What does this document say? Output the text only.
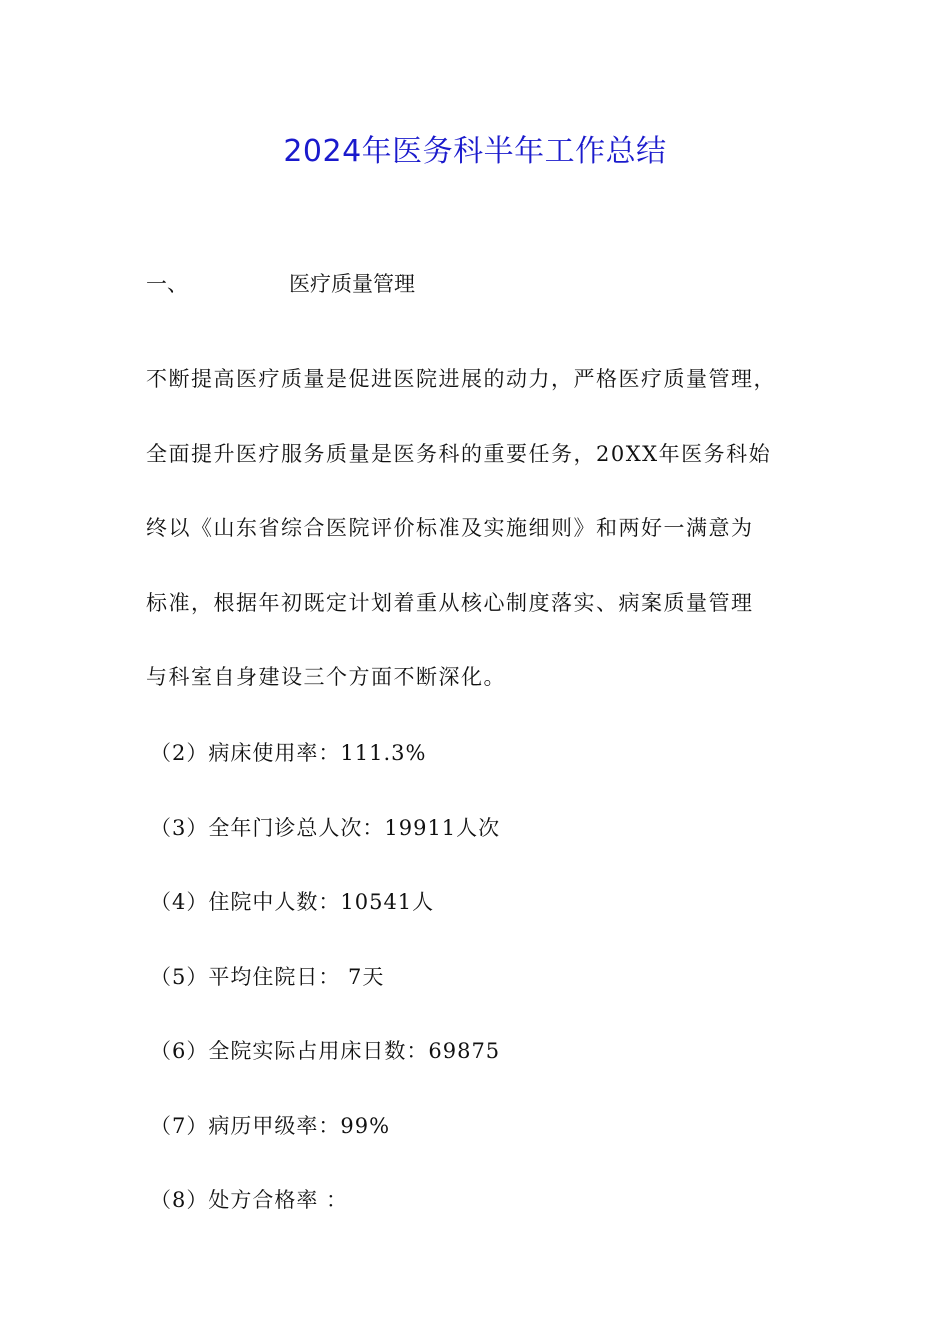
2024年医务科半年工作总结
一、	医疗质量管理
不断提高医疗质量是促进医院进展的动力，严格医疗质量管理，
全面提升医疗服务质量是医务科的重要任务，20XX年医务科始
终以《山东省综合医院评价标准及实施细则》和两好一满意为
标准，根据年初既定计划着重从核心制度落实、病案质量管理
与科室自身建设三个方面不断深化。
（2）病床使用率：111.3%
（3）全年门诊总人次：19911人次
（4）住院中人数：10541人
（5）平均住院日： 7天
（6）全院实际占用床日数：69875
（7）病历甲级率：99%
（8）处方合格率 ：
